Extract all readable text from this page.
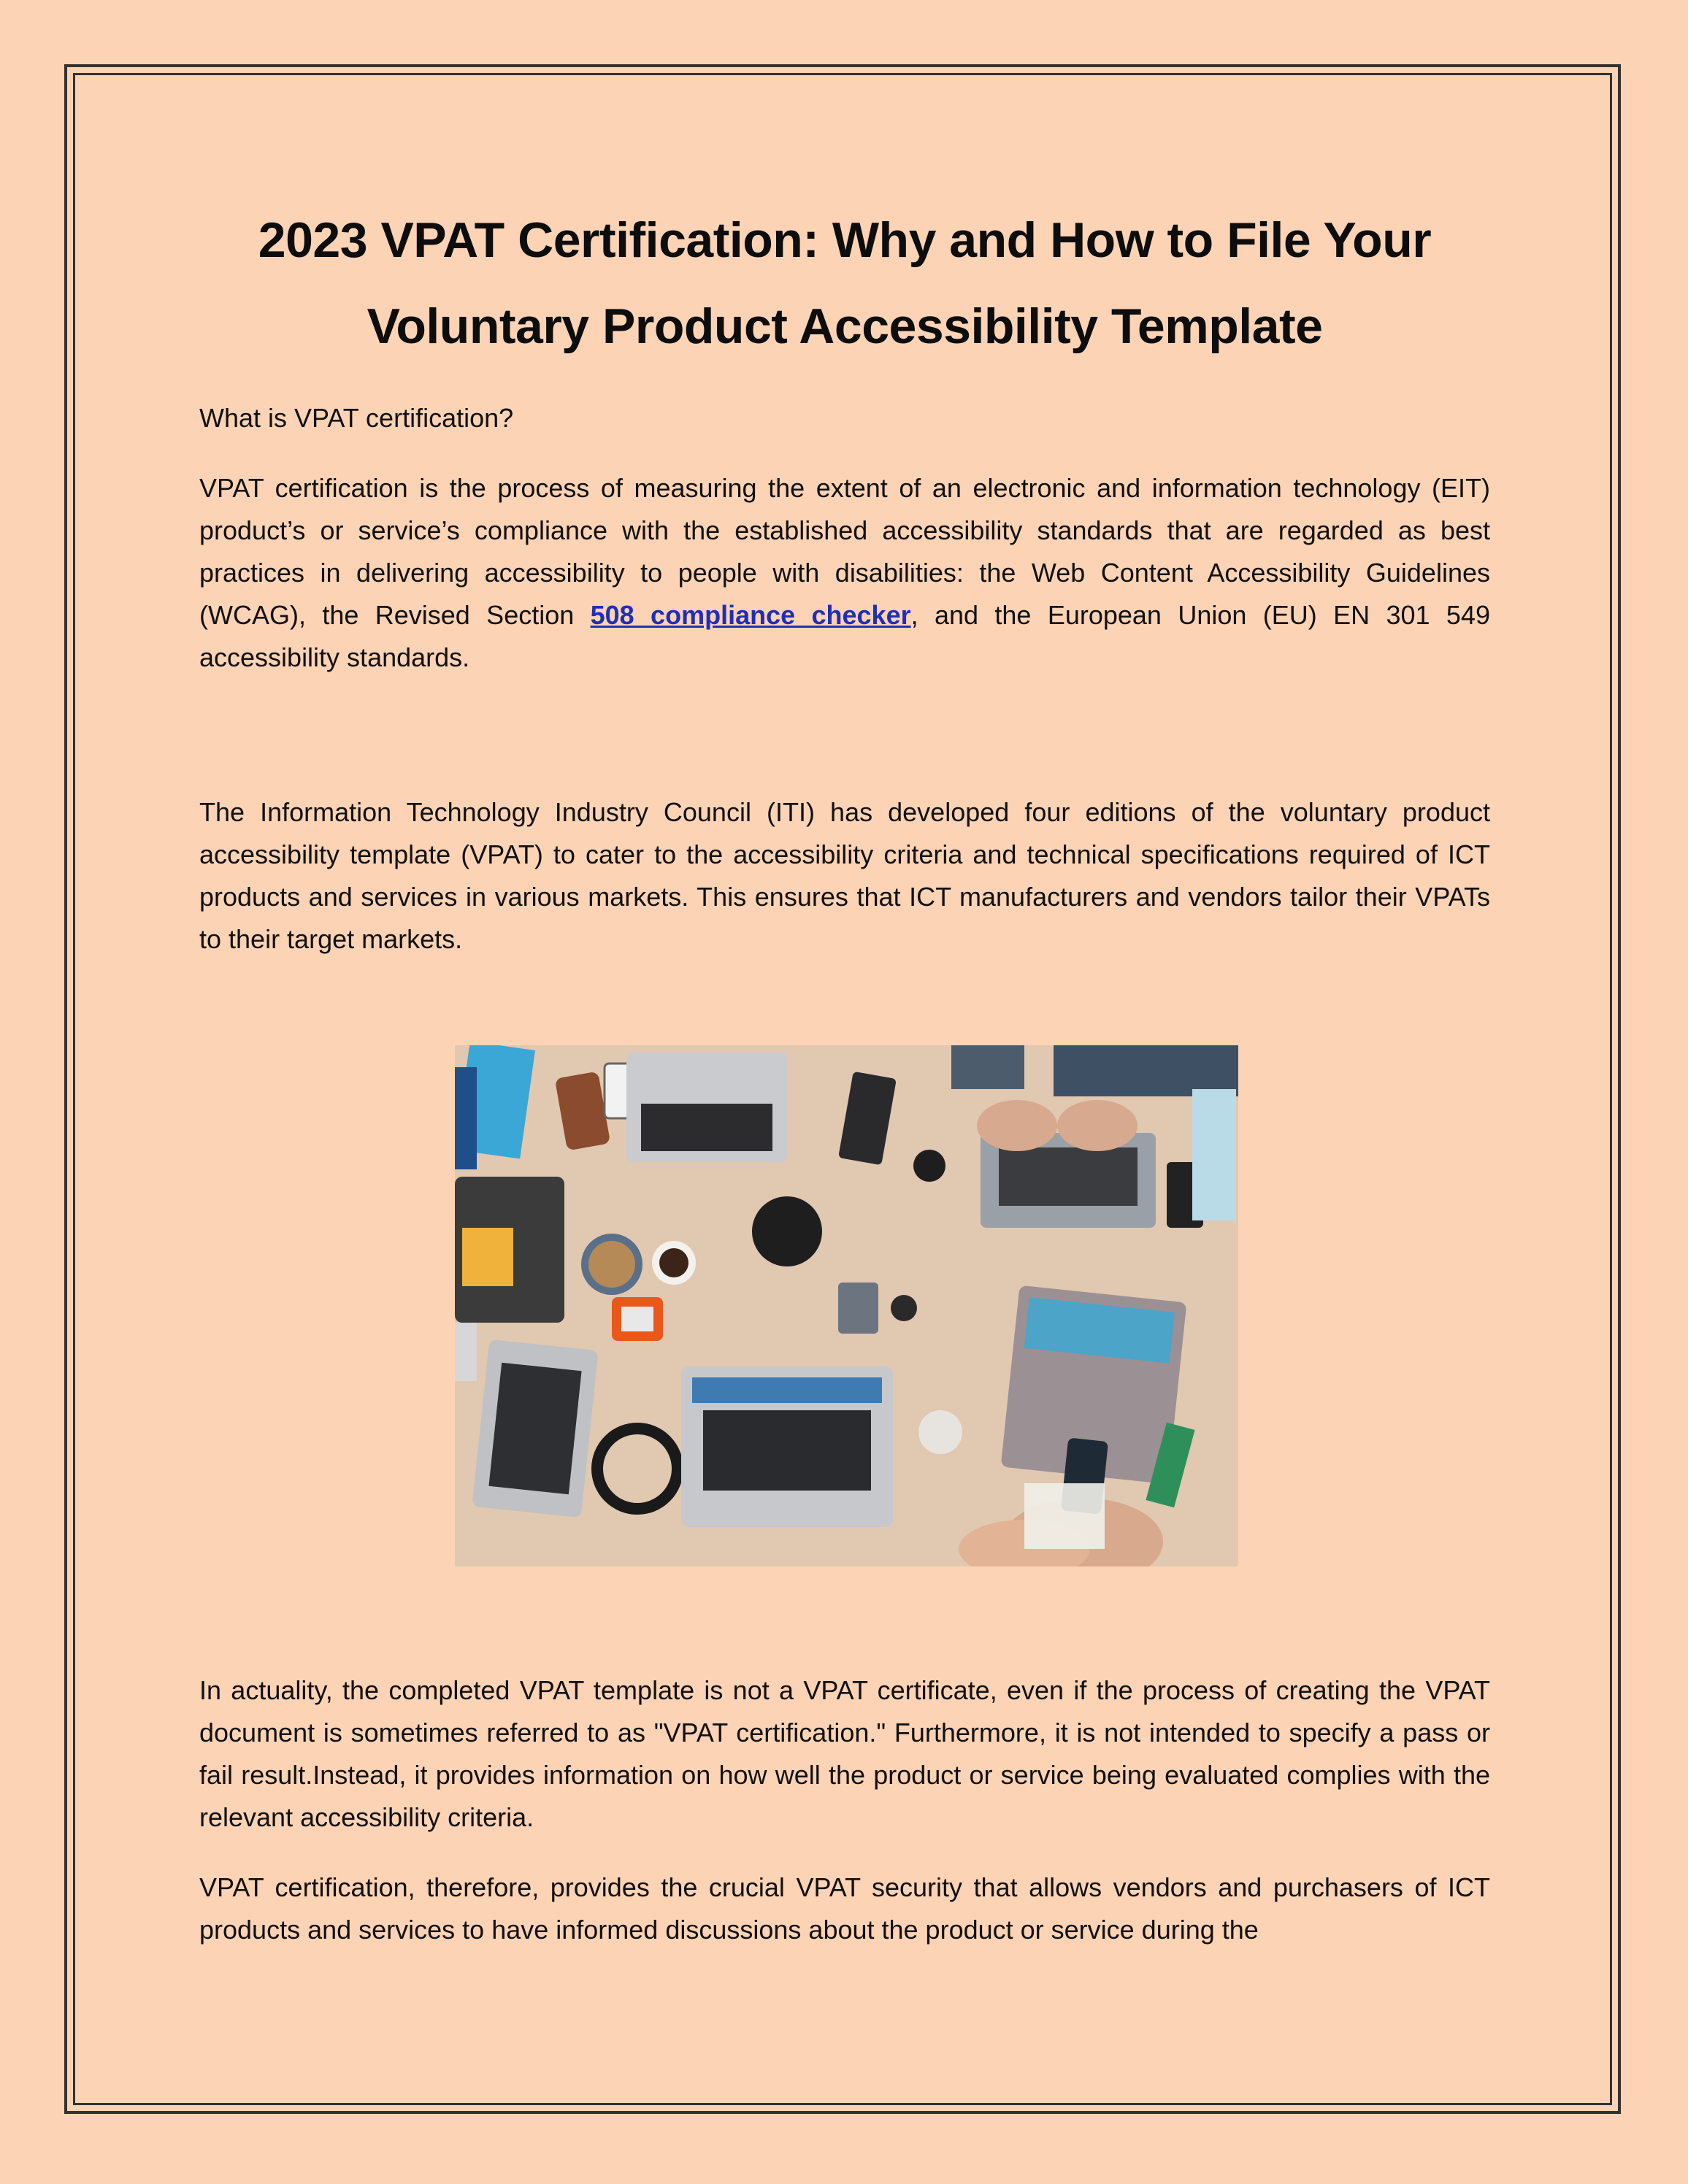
2023 VPAT Certification: Why and How to File Your Voluntary Product Accessibility Template

What is VPAT certification?

VPAT certification is the process of measuring the extent of an electronic and information technology (EIT) product’s or service’s compliance with the established accessibility standards that are regarded as best practices in delivering accessibility to people with disabilities: the Web Content Accessibility Guidelines (WCAG), the Revised Section 508 compliance checker, and the European Union (EU) EN 301 549 accessibility standards.

The Information Technology Industry Council (ITI) has developed four editions of the voluntary product accessibility template (VPAT) to cater to the accessibility criteria and technical specifications required of ICT products and services in various markets. This ensures that ICT manufacturers and vendors tailor their VPATs to their target markets.

In actuality, the completed VPAT template is not a VPAT certificate, even if the process of creating the VPAT document is sometimes referred to as "VPAT certification." Furthermore, it is not intended to specify a pass or fail result.Instead, it provides information on how well the product or service being evaluated complies with the relevant accessibility criteria.

VPAT certification, therefore, provides the crucial VPAT security that allows vendors and purchasers of ICT products and services to have informed discussions about the product or service during the
